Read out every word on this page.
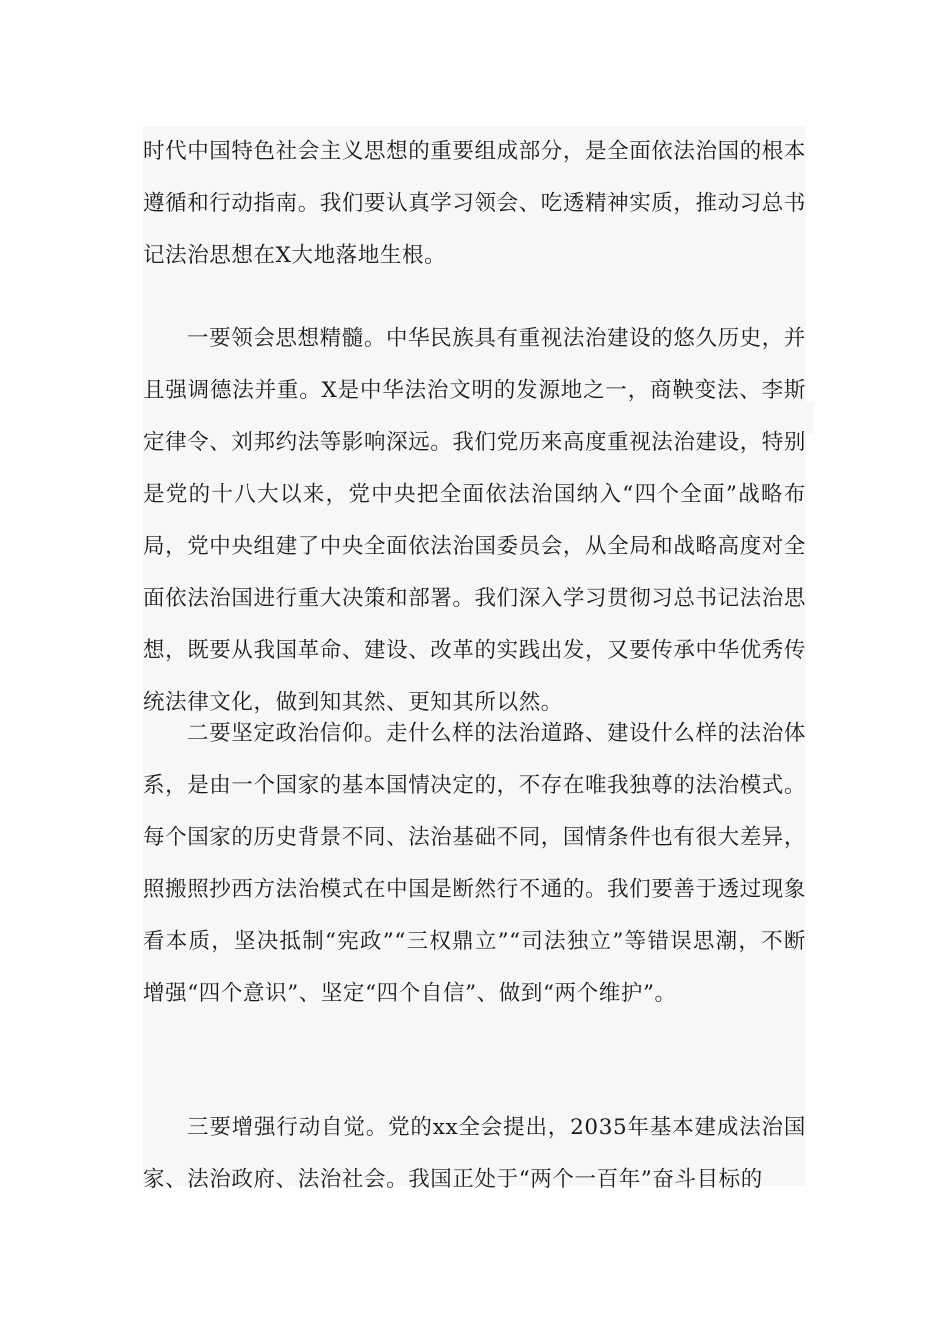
时代中国特色社会主义思想的重要组成部分，是全面依法治国的根本遵循和行动指南。我们要认真学习领会、吃透精神实质，推动习总书记法治思想在X大地落地生根。

一要领会思想精髓。中华民族具有重视法治建设的悠久历史，并且强调德法并重。X是中华法治文明的发源地之一，商鞅变法、李斯定律令、刘邦约法等影响深远。我们党历来高度重视法治建设，特别是党的十八大以来，党中央把全面依法治国纳入“四个全面”战略布局，党中央组建了中央全面依法治国委员会，从全局和战略高度对全面依法治国进行重大决策和部署。我们深入学习贯彻习总书记法治思想，既要从我国革命、建设、改革的实践出发，又要传承中华优秀传统法律文化，做到知其然、更知其所以然。

二要坚定政治信仰。走什么样的法治道路、建设什么样的法治体系，是由一个国家的基本国情决定的，不存在唯我独尊的法治模式。每个国家的历史背景不同、法治基础不同，国情条件也有很大差异，照搬照抄西方法治模式在中国是断然行不通的。我们要善于透过现象看本质，坚决抵制“宪政”“三权鼎立”“司法独立”等错误思潮，不断增强“四个意识”、坚定“四个自信”、做到“两个维护”。

三要增强行动自觉。党的xx全会提出，2035年基本建成法治国家、法治政府、法治社会。我国正处于“两个一百年”奋斗目标的
